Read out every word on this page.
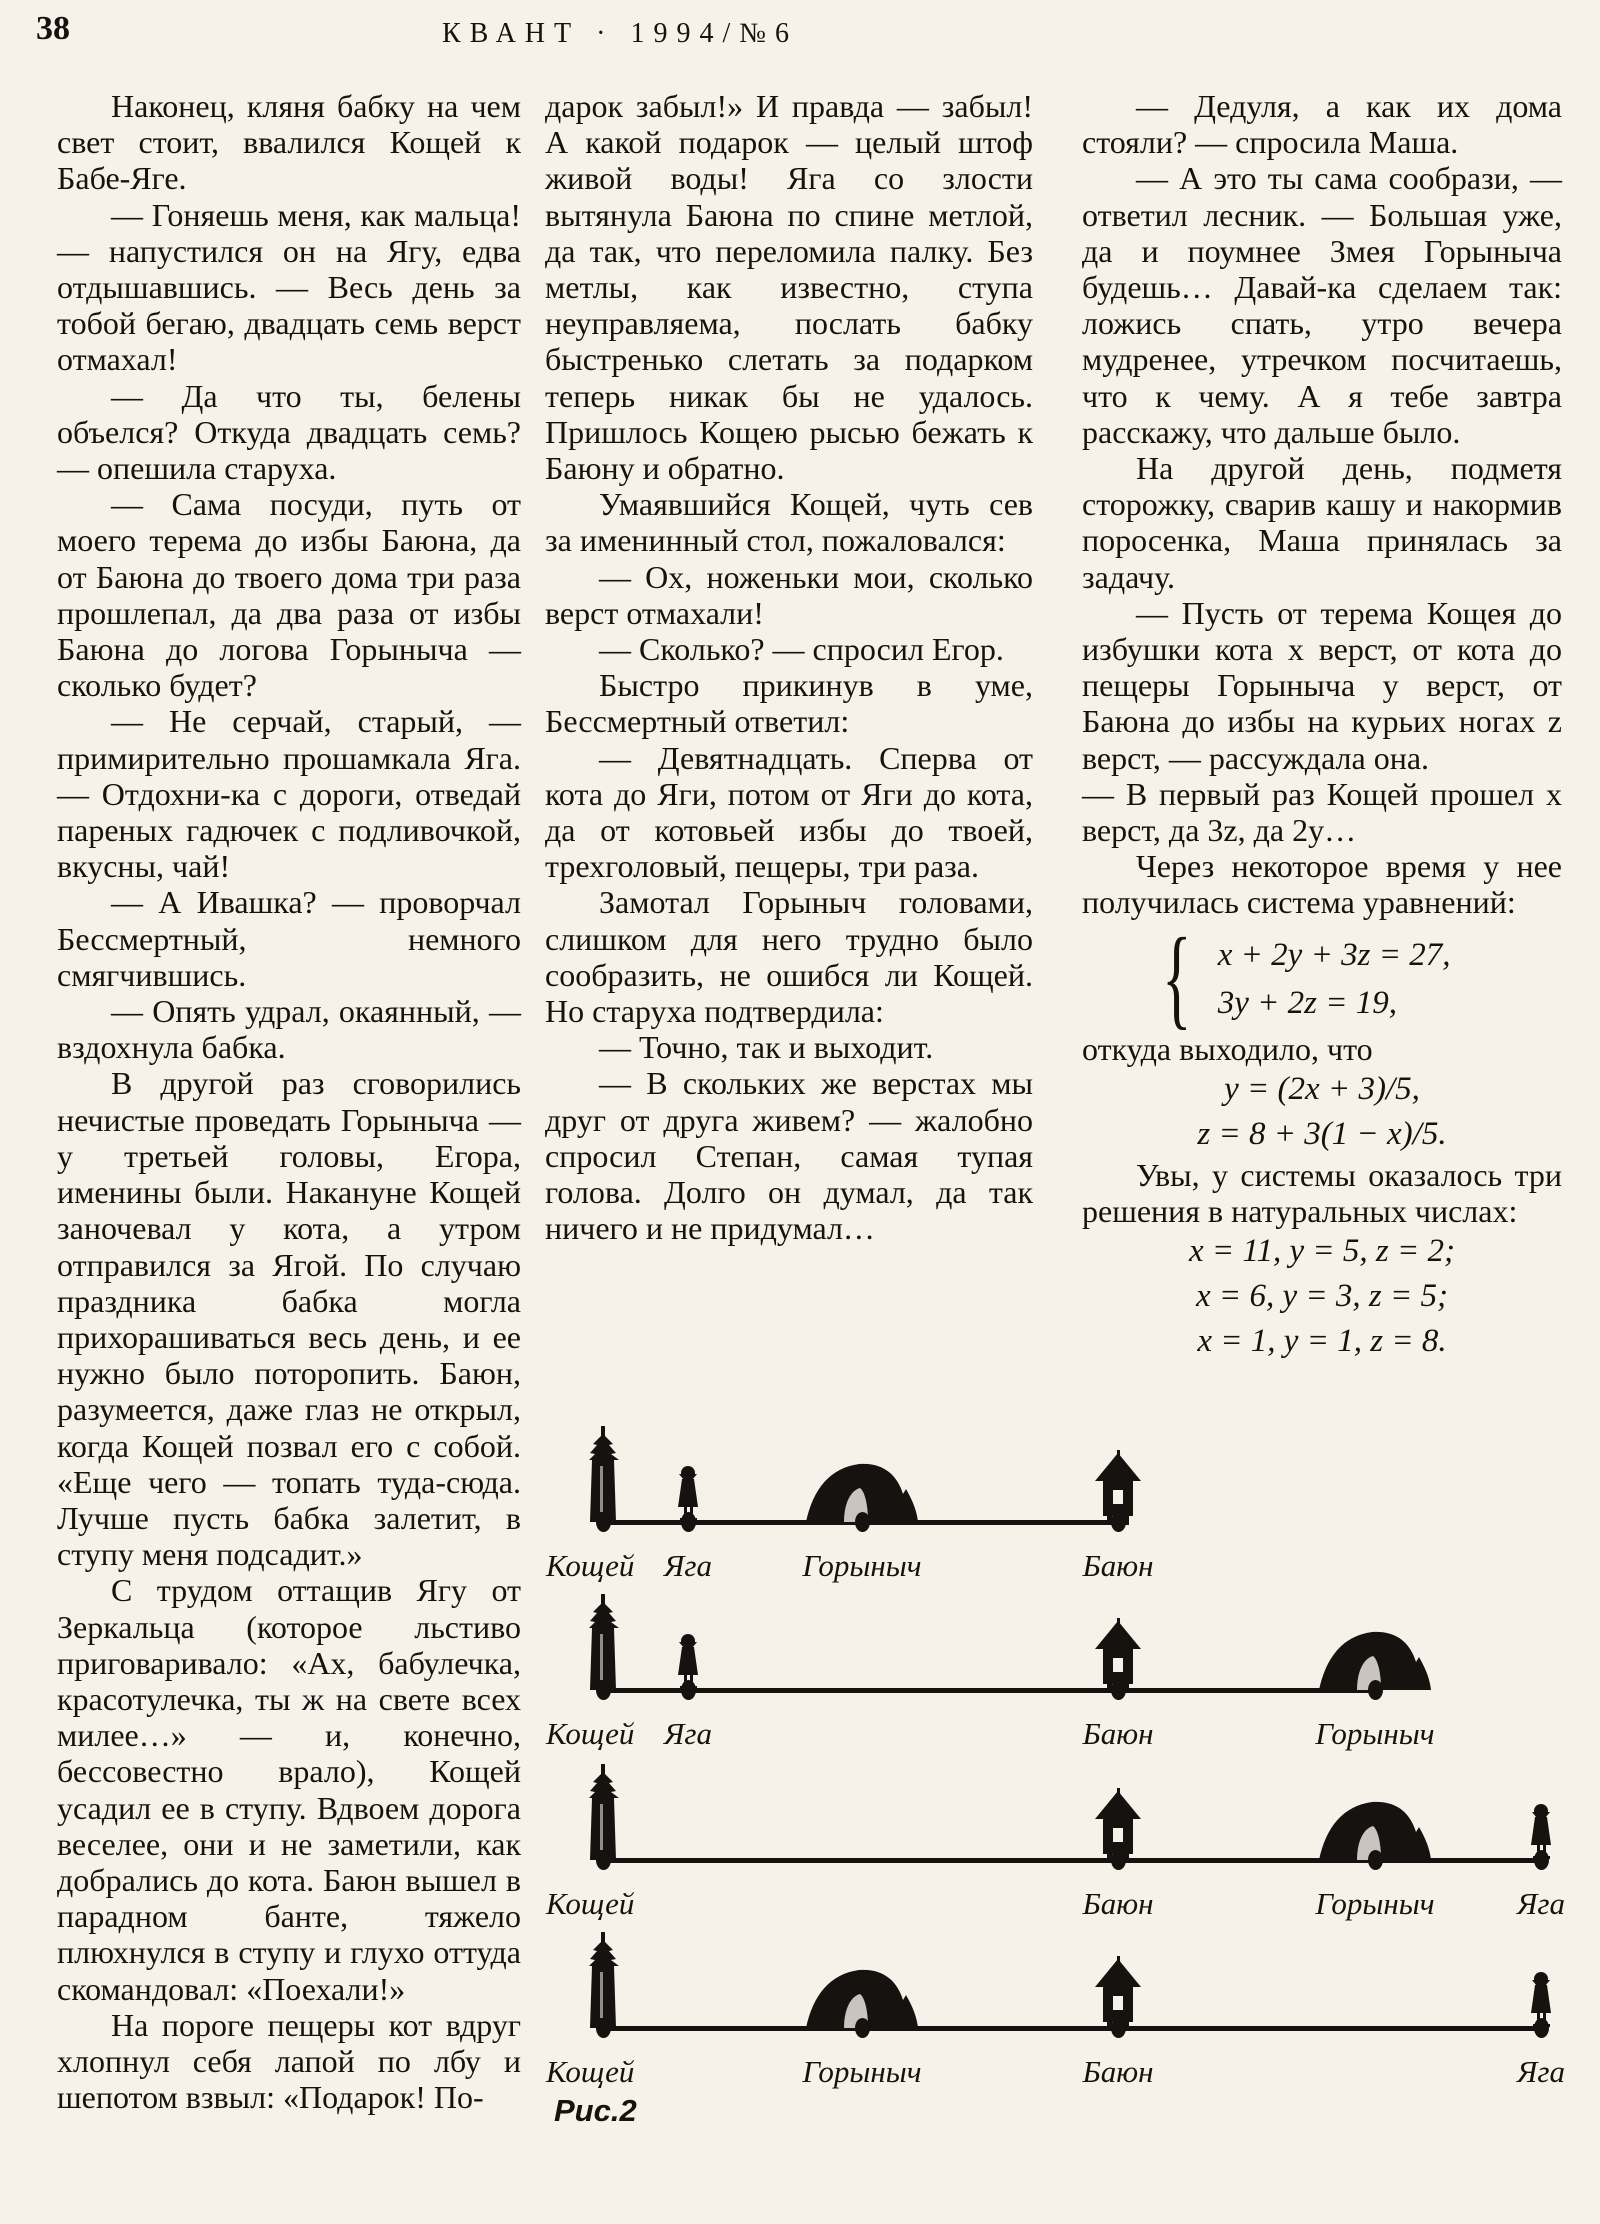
38	КВАНТ · 1994/№6

Наконец, кляня бабку на чем свет стоит, ввалился Кощей к Бабе-Яге.

— Гоняешь меня, как мальца! — напустился он на Ягу, едва отдышавшись. — Весь день за тобой бегаю, двадцать семь верст отмахал!

— Да что ты, белены объелся? Откуда двадцать семь? — опешила старуха.

— Сама посуди, путь от моего терема до избы Баюна, да от Баюна до твоего дома три раза прошлепал, да два раза от избы Баюна до логова Горыныча — сколько будет?

— Не серчай, старый, — примирительно прошамкала Яга. — Отдохни-ка с дороги, отведай пареных гадючек с подливочкой, вкусны, чай!

— А Ивашка? — проворчал Бессмертный, немного смягчившись.

— Опять удрал, окаянный, — вздохнула бабка.

В другой раз сговорились нечистые проведать Горыныча — у третьей головы, Егора, именины были. Накануне Кощей заночевал у кота, а утром отправился за Ягой. По случаю праздника бабка могла прихорашиваться весь день, и ее нужно было поторопить. Баюн, разумеется, даже глаз не открыл, когда Кощей позвал его с собой. «Еще чего — топать туда-сюда. Лучше пусть бабка залетит, в ступу меня подсадит.»

С трудом оттащив Ягу от Зеркальца (которое льстиво приговаривало: «Ах, бабулечка, красотулечка, ты ж на свете всех милее…» — и, конечно, бессовестно врало), Кощей усадил ее в ступу. Вдвоем дорога веселее, они и не заметили, как добрались до кота. Баюн вышел в парадном банте, тяжело плюхнулся в ступу и глухо оттуда скомандовал: «Поехали!»

На пороге пещеры кот вдруг хлопнул себя лапой по лбу и шепотом взвыл: «Подарок! По-

дарок забыл!» И правда — забыл! А какой подарок — целый штоф живой воды! Яга со злости вытянула Баюна по спине метлой, да так, что переломила палку. Без метлы, как известно, ступа неуправляема, послать бабку быстренько слетать за подарком теперь никак бы не удалось. Пришлось Кощею рысью бежать к Баюну и обратно.

Умаявшийся Кощей, чуть сев за именинный стол, пожаловался:

— Ох, ноженьки мои, сколько верст отмахали!

— Сколько? — спросил Егор.

Быстро прикинув в уме, Бессмертный ответил:

— Девятнадцать. Сперва от кота до Яги, потом от Яги до кота, да от котовьей избы до твоей, трехголовый, пещеры, три раза.

Замотал Горыныч головами, слишком для него трудно было сообразить, не ошибся ли Кощей. Но старуха подтвердила:

— Точно, так и выходит.

— В скольких же верстах мы друг от друга живем? — жалобно спросил Степан, самая тупая голова. Долго он думал, да так ничего и не придумал…

— Дедуля, а как их дома стояли? — спросила Маша.

— А это ты сама сообрази, — ответил лесник. — Большая уже, да и поумнее Змея Горыныча будешь… Давай-ка сделаем так: ложись спать, утро вечера мудренее, утречком посчитаешь, что к чему. А я тебе завтра расскажу, что дальше было.

На другой день, подметя сторожку, сварив кашу и накормив поросенка, Маша принялась за задачу.

— Пусть от терема Кощея до избушки кота x верст, от кота до пещеры Горыныча y верст, от Баюна до избы на курьих ногах z верст, — рассуждала она.

— В первый раз Кощей прошел x верст, да 3z, да 2y…

Через некоторое время у нее получилась система уравнений:

{ x + 2y + 3z = 27,
3y + 2z = 19,

откуда выходило, что

y = (2x + 3)/5,
z = 8 + 3(1 − x)/5.

Увы, у системы оказалось три решения в натуральных числах:

x = 11, y = 5, z = 2;
x = 6, y = 3, z = 5;
x = 1, y = 1, z = 8.
Кощей Яга	Горыныч	Баюн
Кощей Яга	Баюн	Горыныч
Кощей	Баюн	Горыныч	Яга
Кощей	Горыныч	Баюн	Яга
Рис.2
